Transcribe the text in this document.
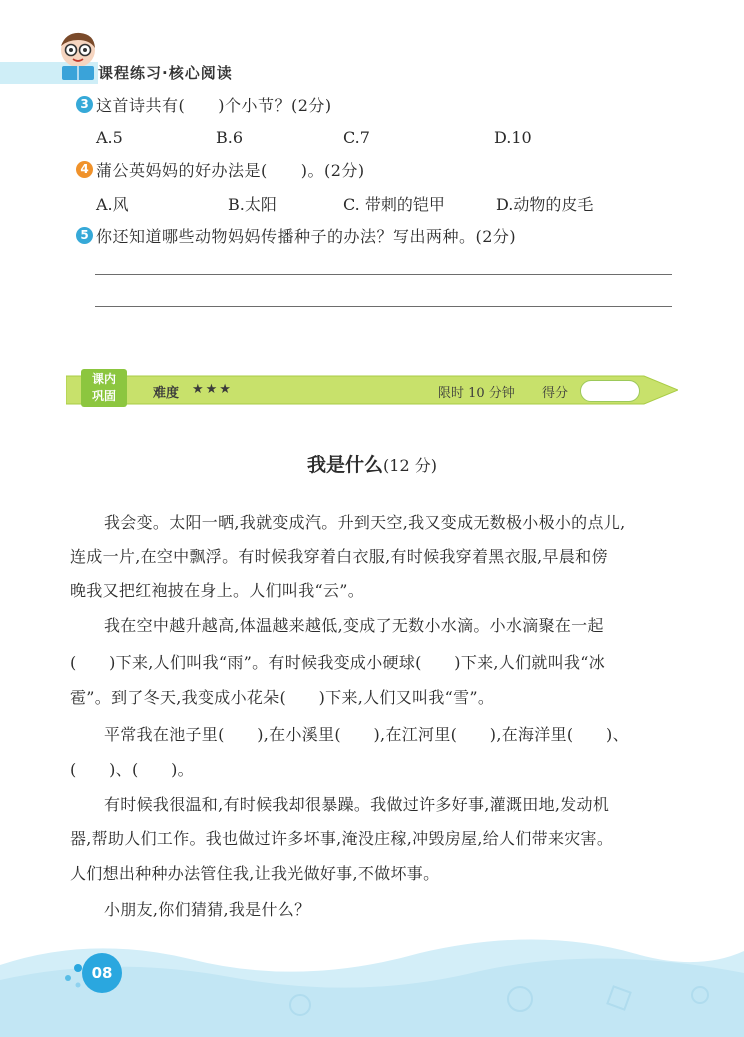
课程练习·核心阅读
3 这首诗共有(　　)个小节？(2分)
A.5	B.6	C.7	D.10
4 蒲公英妈妈的好办法是(　　)。(2分)
A.风	B.太阳	C. 带刺的铠甲	D.动物的皮毛
5 你还知道哪些动物妈妈传播种子的办法？写出两种。(2分)
课内
巩固	难度 ★★★	限时 10 分钟 得分
我是什么(12 分)
我会变。太阳一晒,我就变成汽。升到天空,我又变成无数极小极小的点儿,
连成一片,在空中飘浮。有时候我穿着白衣服,有时候我穿着黑衣服,早晨和傍
晚我又把红袍披在身上。人们叫我“云”。
我在空中越升越高,体温越来越低,变成了无数小水滴。小水滴聚在一起
(　　)下来,人们叫我“雨”。有时候我变成小硬球(　　)下来,人们就叫我“冰
雹”。到了冬天,我变成小花朵(　　)下来,人们又叫我“雪”。
平常我在池子里(　　),在小溪里(　　),在江河里(　　),在海洋里(　　)、
(　　)、(　　)。
有时候我很温和,有时候我却很暴躁。我做过许多好事,灌溉田地,发动机
器,帮助人们工作。我也做过许多坏事,淹没庄稼,冲毁房屋,给人们带来灾害。
人们想出种种办法管住我,让我光做好事,不做坏事。
小朋友,你们猜猜,我是什么？
08
